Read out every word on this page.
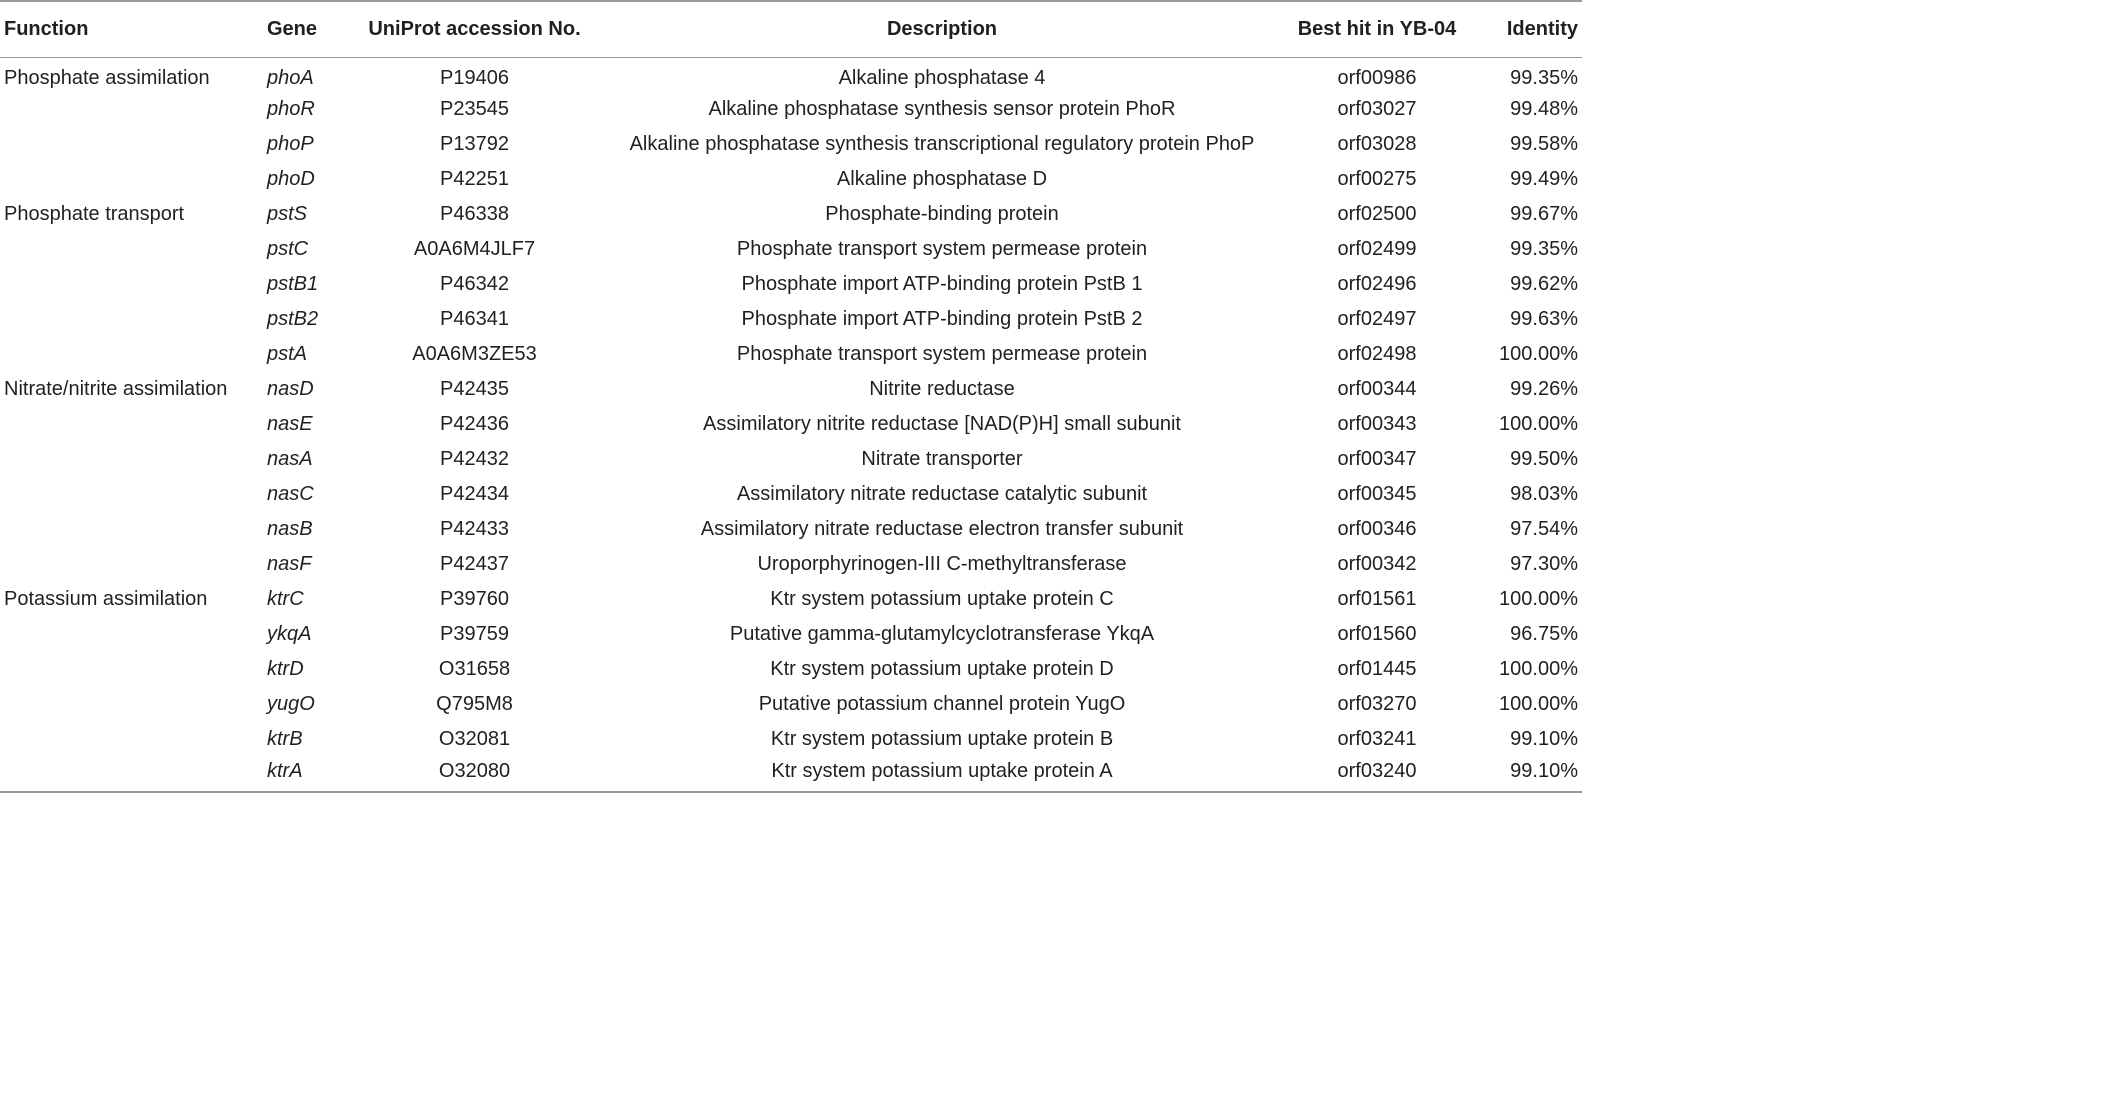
Function	Gene	UniProt accession No.	Description	Best hit in YB-04	Identity
Phosphate assimilation	phoA	P19406	Alkaline phosphatase 4	orf00986	99.35%
	phoR	P23545	Alkaline phosphatase synthesis sensor protein PhoR	orf03027	99.48%
	phoP	P13792	Alkaline phosphatase synthesis transcriptional regulatory protein PhoP	orf03028	99.58%
	phoD	P42251	Alkaline phosphatase D	orf00275	99.49%
Phosphate transport	pstS	P46338	Phosphate-binding protein	orf02500	99.67%
	pstC	A0A6M4JLF7	Phosphate transport system permease protein	orf02499	99.35%
	pstB1	P46342	Phosphate import ATP-binding protein PstB 1	orf02496	99.62%
	pstB2	P46341	Phosphate import ATP-binding protein PstB 2	orf02497	99.63%
	pstA	A0A6M3ZE53	Phosphate transport system permease protein	orf02498	100.00%
Nitrate/nitrite assimilation	nasD	P42435	Nitrite reductase	orf00344	99.26%
	nasE	P42436	Assimilatory nitrite reductase [NAD(P)H] small subunit	orf00343	100.00%
	nasA	P42432	Nitrate transporter	orf00347	99.50%
	nasC	P42434	Assimilatory nitrate reductase catalytic subunit	orf00345	98.03%
	nasB	P42433	Assimilatory nitrate reductase electron transfer subunit	orf00346	97.54%
	nasF	P42437	Uroporphyrinogen-III C-methyltransferase	orf00342	97.30%
Potassium assimilation	ktrC	P39760	Ktr system potassium uptake protein C	orf01561	100.00%
	ykqA	P39759	Putative gamma-glutamylcyclotransferase YkqA	orf01560	96.75%
	ktrD	O31658	Ktr system potassium uptake protein D	orf01445	100.00%
	yugO	Q795M8	Putative potassium channel protein YugO	orf03270	100.00%
	ktrB	O32081	Ktr system potassium uptake protein B	orf03241	99.10%
	ktrA	O32080	Ktr system potassium uptake protein A	orf03240	99.10%
